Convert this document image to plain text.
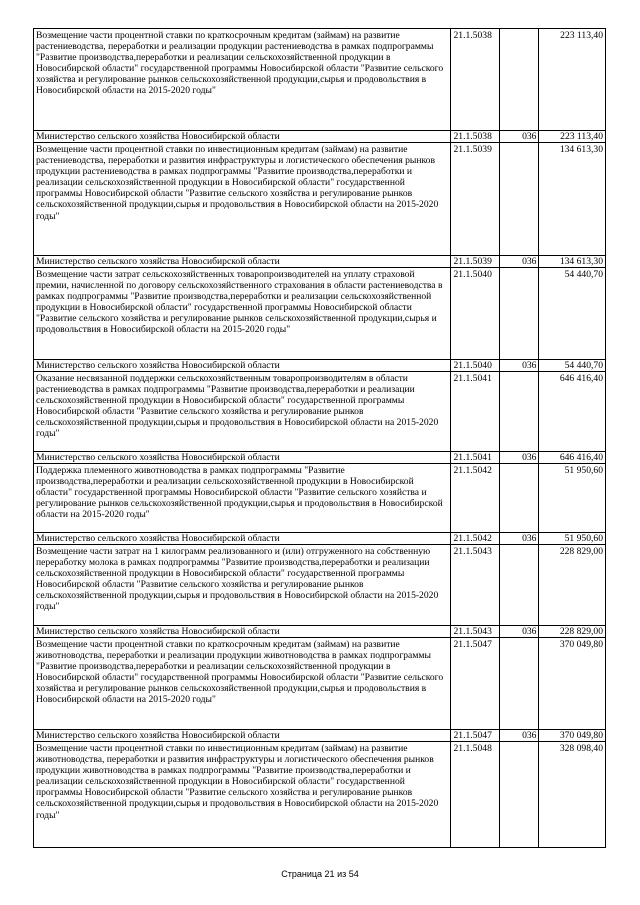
Возмещение части процентной ставки по краткосрочным кредитам (займам) на развитие растениеводства, переработки и реализации продукции растениеводства в рамках подпрограммы "Развитие производства,переработки и реализации сельскохозяйственной продукции в Новосибирской области" государственной программы Новосибирской области "Развитие сельского хозяйства и регулирование рынков сельскохозяйственной продукции,сырья и продовольствия в Новосибирской области на 2015-2020 годы"	21.1.5038		223 113,40
Министерство сельского хозяйства Новосибирской области	21.1.5038	036	223 113,40
Возмещение части процентной ставки по инвестиционным кредитам (займам) на развитие растениеводства, переработки и развития инфраструктуры и логистического обеспечения рынков продукции растениеводства в рамках подпрограммы "Развитие производства,переработки и реализации сельскохозяйственной продукции в Новосибирской области" государственной программы Новосибирской области "Развитие сельского хозяйства и регулирование рынков сельскохозяйственной продукции,сырья и продовольствия в Новосибирской области на 2015-2020 годы"	21.1.5039		134 613,30
Министерство сельского хозяйства Новосибирской области	21.1.5039	036	134 613,30
Возмещение части затрат сельскохозяйственных товаропроизводителей на уплату страховой премии, начисленной по договору сельскохозяйственного страхования в области растениеводства в рамках подпрограммы "Развитие производства,переработки и реализации сельскохозяйственной продукции в Новосибирской области" государственной программы Новосибирской области "Развитие сельского хозяйства и регулирование рынков сельскохозяйственной продукции,сырья и продовольствия в Новосибирской области на 2015-2020 годы"	21.1.5040		54 440,70
Министерство сельского хозяйства Новосибирской области	21.1.5040	036	54 440,70
Оказание несвязанной поддержки сельскохозяйственным товаропроизводителям в области растениеводства в рамках подпрограммы "Развитие производства,переработки и реализации сельскохозяйственной продукции в Новосибирской области" государственной программы Новосибирской области "Развитие сельского хозяйства и регулирование рынков сельскохозяйственной продукции,сырья и продовольствия в Новосибирской области на 2015-2020 годы"	21.1.5041		646 416,40
Министерство сельского хозяйства Новосибирской области	21.1.5041	036	646 416,40
Поддержка племенного животноводства в рамках подпрограммы "Развитие производства,переработки и реализации сельскохозяйственной продукции в Новосибирской области" государственной программы Новосибирской области "Развитие сельского хозяйства и регулирование рынков сельскохозяйственной продукции,сырья и продовольствия в Новосибирской области на 2015-2020 годы"	21.1.5042		51 950,60
Министерство сельского хозяйства Новосибирской области	21.1.5042	036	51 950,60
Возмещение части затрат на 1 килограмм реализованного и (или) отгруженного на собственную переработку молока в рамках подпрограммы "Развитие производства,переработки и реализации сельскохозяйственной продукции в Новосибирской области" государственной программы Новосибирской области "Развитие сельского хозяйства и регулирование рынков сельскохозяйственной продукции,сырья и продовольствия в Новосибирской области на 2015-2020 годы"	21.1.5043		228 829,00
Министерство сельского хозяйства Новосибирской области	21.1.5043	036	228 829,00
Возмещение части процентной ставки по краткосрочным кредитам (займам) на развитие животноводства, переработки и реализации продукции животноводства в рамках подпрограммы "Развитие производства,переработки и реализации сельскохозяйственной продукции в Новосибирской области" государственной программы Новосибирской области "Развитие сельского хозяйства и регулирование рынков сельскохозяйственной продукции,сырья и продовольствия в Новосибирской области на 2015-2020 годы"	21.1.5047		370 049,80
Министерство сельского хозяйства Новосибирской области	21.1.5047	036	370 049,80
Возмещение части процентной ставки по инвестиционным кредитам (займам) на развитие животноводства, переработки и развития инфраструктуры и логистического обеспечения рынков продукции животноводства в рамках подпрограммы "Развитие производства,переработки и реализации сельскохозяйственной продукции в Новосибирской области" государственной программы Новосибирской области "Развитие сельского хозяйства и регулирование рынков сельскохозяйственной продукции,сырья и продовольствия в Новосибирской области на 2015-2020 годы"	21.1.5048		328 098,40
Страница 21 из 54
